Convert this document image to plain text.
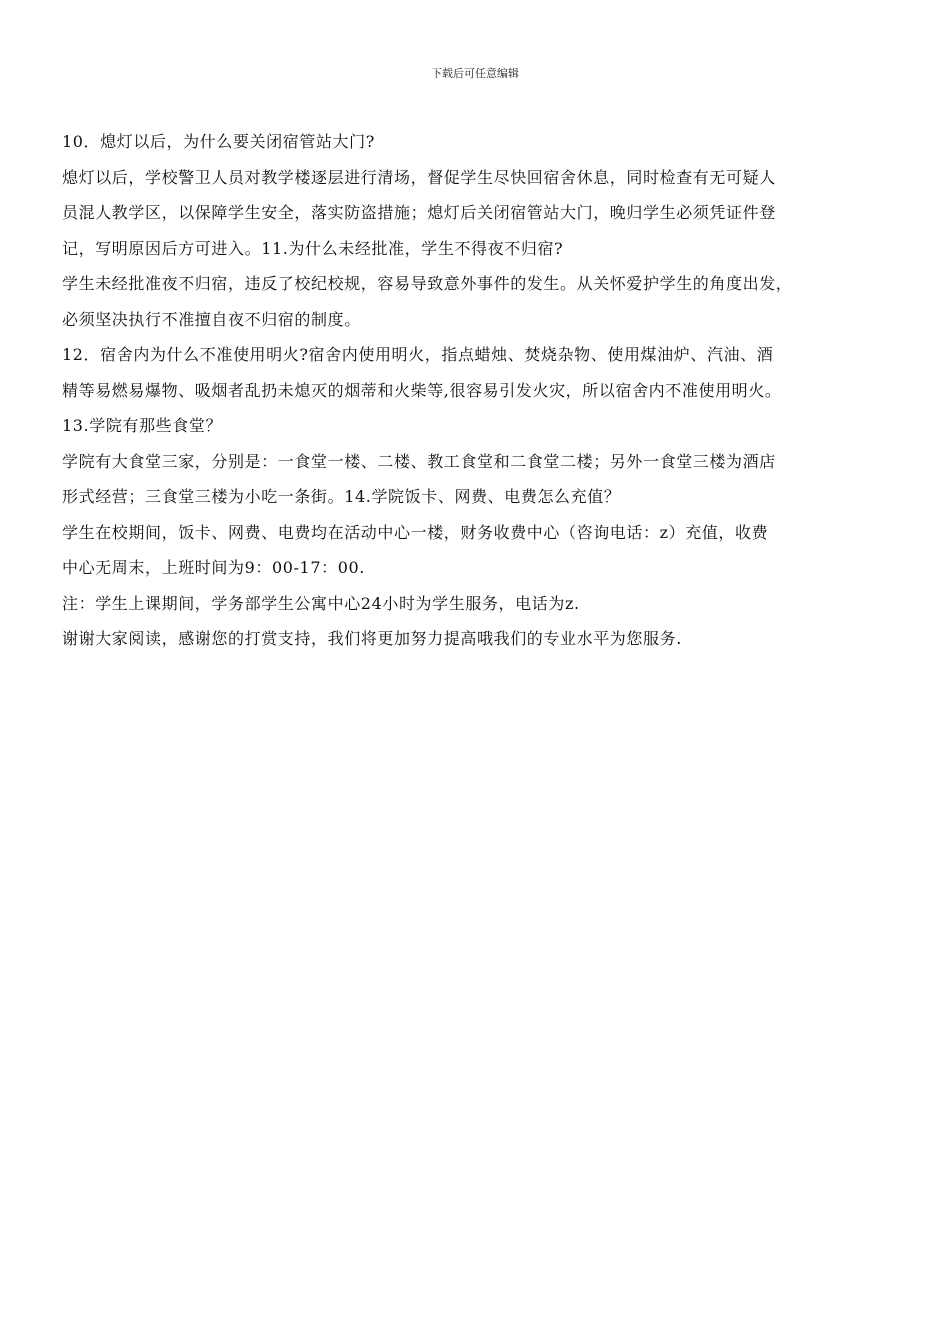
下载后可任意编辑
10．熄灯以后，为什么要关闭宿管站大门?
熄灯以后，学校警卫人员对教学楼逐层进行清场，督促学生尽快回宿舍休息，同时检查有无可疑人
员混人教学区，以保障学生安全，落实防盗措施；熄灯后关闭宿管站大门，晚归学生必须凭证件登
记，写明原因后方可进入。11.为什么未经批准，学生不得夜不归宿?
学生未经批准夜不归宿，违反了校纪校规，容易导致意外事件的发生。从关怀爱护学生的角度出发，
必须坚决执行不准擅自夜不归宿的制度。
12．宿舍内为什么不准使用明火?宿舍内使用明火，指点蜡烛、焚烧杂物、使用煤油炉、汽油、酒
精等易燃易爆物、吸烟者乱扔未熄灭的烟蒂和火柴等,很容易引发火灾，所以宿舍内不准使用明火。
13.学院有那些食堂？
学院有大食堂三家，分别是：一食堂一楼、二楼、教工食堂和二食堂二楼；另外一食堂三楼为酒店
形式经营；三食堂三楼为小吃一条街。14.学院饭卡、网费、电费怎么充值？
学生在校期间，饭卡、网费、电费均在活动中心一楼，财务收费中心（咨询电话：z）充值，收费
中心无周末，上班时间为9：00-17：00.
注：学生上课期间，学务部学生公寓中心24小时为学生服务，电话为z.
谢谢大家阅读，感谢您的打赏支持，我们将更加努力提高哦我们的专业水平为您服务.
